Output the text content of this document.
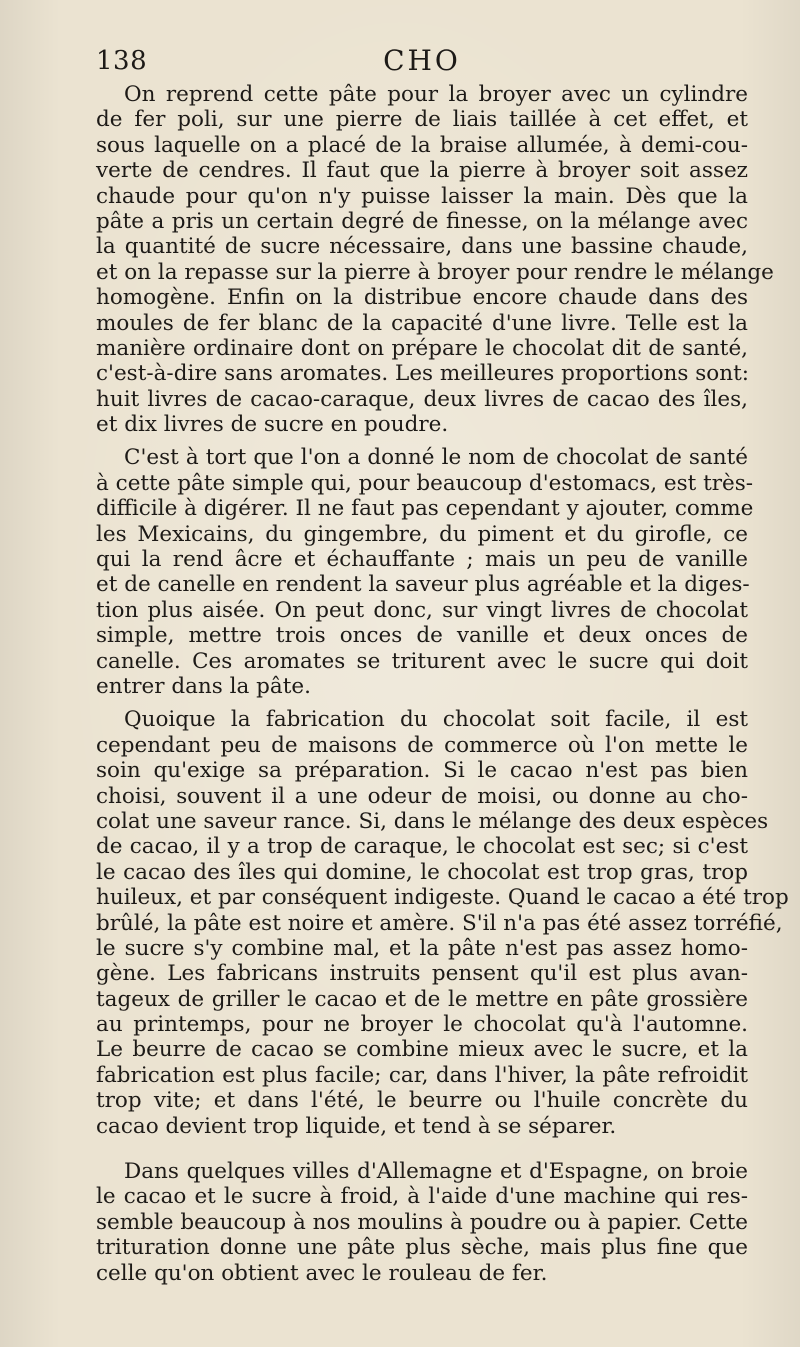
138	CHO
On reprend cette pâte pour la broyer avec un cylindre
de fer poli, sur une pierre de liais taillée à cet effet, et
sous laquelle on a placé de la braise allumée, à demi-cou-
verte de cendres. Il faut que la pierre à broyer soit assez
chaude pour qu'on n'y puisse laisser la main. Dès que la
pâte a pris un certain degré de finesse, on la mélange avec
la quantité de sucre nécessaire, dans une bassine chaude,
et on la repasse sur la pierre à broyer pour rendre le mélange
homogène. Enfin on la distribue encore chaude dans des
moules de fer blanc de la capacité d'une livre. Telle est la
manière ordinaire dont on prépare le chocolat dit de santé,
c'est-à-dire sans aromates. Les meilleures proportions sont:
huit livres de cacao-caraque, deux livres de cacao des îles,
et dix livres de sucre en poudre.
C'est à tort que l'on a donné le nom de chocolat de santé
à cette pâte simple qui, pour beaucoup d'estomacs, est très-
difficile à digérer. Il ne faut pas cependant y ajouter, comme
les Mexicains, du gingembre, du piment et du girofle, ce
qui la rend âcre et échauffante ; mais un peu de vanille
et de canelle en rendent la saveur plus agréable et la diges-
tion plus aisée. On peut donc, sur vingt livres de chocolat
simple, mettre trois onces de vanille et deux onces de
canelle. Ces aromates se triturent avec le sucre qui doit
entrer dans la pâte.
Quoique la fabrication du chocolat soit facile, il est
cependant peu de maisons de commerce où l'on mette le
soin qu'exige sa préparation. Si le cacao n'est pas bien
choisi, souvent il a une odeur de moisi, ou donne au cho-
colat une saveur rance. Si, dans le mélange des deux espèces
de cacao, il y a trop de caraque, le chocolat est sec; si c'est
le cacao des îles qui domine, le chocolat est trop gras, trop
huileux, et par conséquent indigeste. Quand le cacao a été trop
brûlé, la pâte est noire et amère. S'il n'a pas été assez torréfié,
le sucre s'y combine mal, et la pâte n'est pas assez homo-
gène. Les fabricans instruits pensent qu'il est plus avan-
tageux de griller le cacao et de le mettre en pâte grossière
au printemps, pour ne broyer le chocolat qu'à l'automne.
Le beurre de cacao se combine mieux avec le sucre, et la
fabrication est plus facile; car, dans l'hiver, la pâte refroidit
trop vite; et dans l'été, le beurre ou l'huile concrète du
cacao devient trop liquide, et tend à se séparer.
Dans quelques villes d'Allemagne et d'Espagne, on broie
le cacao et le sucre à froid, à l'aide d'une machine qui res-
semble beaucoup à nos moulins à poudre ou à papier. Cette
trituration donne une pâte plus sèche, mais plus fine que
celle qu'on obtient avec le rouleau de fer.
